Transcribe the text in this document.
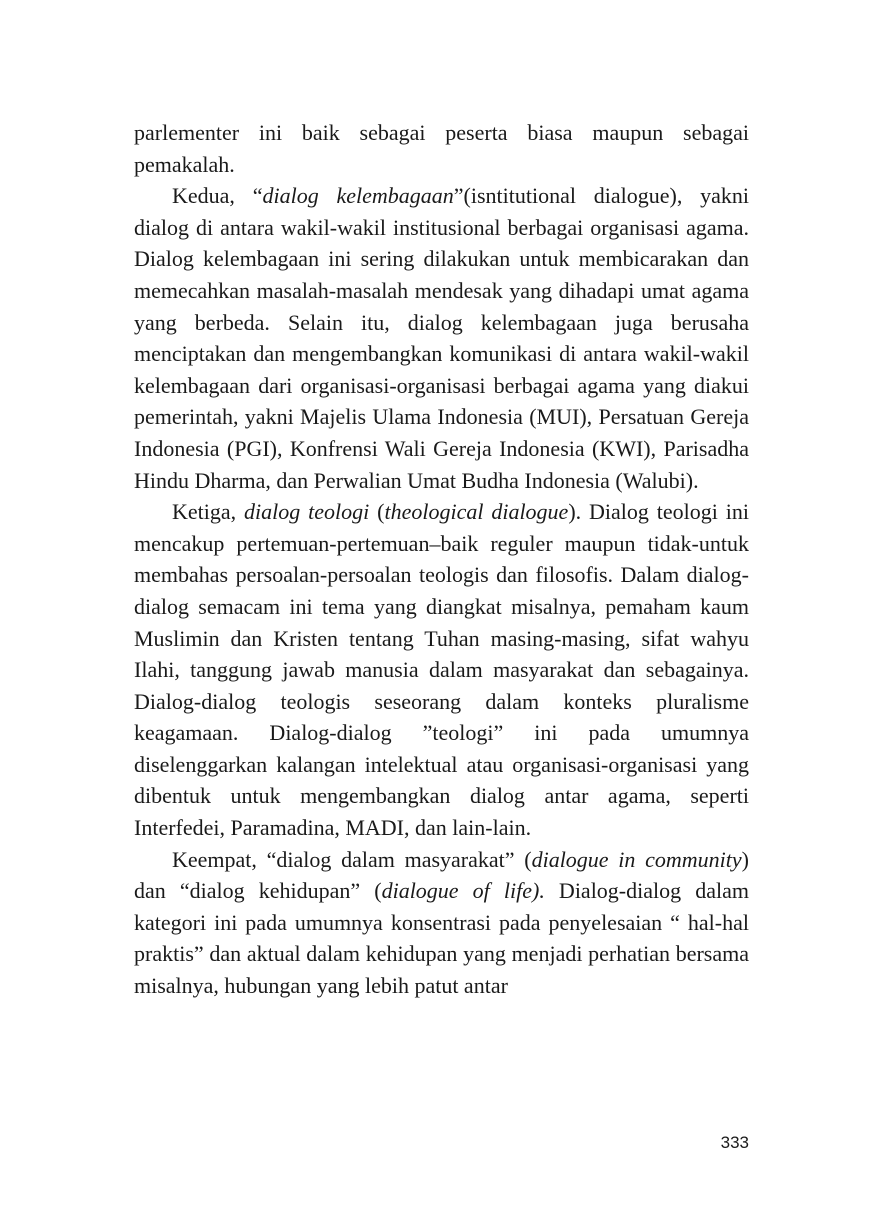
parlementer ini baik sebagai peserta biasa maupun sebagai pemakalah.

Kedua, “dialog kelembagaan”(isntitutional dialogue), yakni dialog di antara wakil-wakil institusional berbagai organisasi agama. Dialog kelembagaan ini sering dilakukan untuk membicarakan dan memecahkan masalah-masalah mendesak yang dihadapi umat agama yang berbeda. Selain itu, dialog kelembagaan juga berusaha menciptakan dan mengembangkan komunikasi di antara wakil-wakil kelembagaan dari organisasi-organisasi berbagai agama yang diakui pemerintah, yakni Majelis Ulama Indonesia (MUI), Persatuan Gereja Indonesia (PGI), Konfrensi Wali Gereja Indonesia (KWI), Parisadha Hindu Dharma, dan Perwalian Umat Budha Indonesia (Walubi).

Ketiga, dialog teologi (theological dialogue). Dialog teologi ini mencakup pertemuan-pertemuan–baik reguler maupun tidak-untuk membahas persoalan-persoalan teologis dan filosofis. Dalam dialog-dialog semacam ini tema yang diangkat misalnya, pemaham kaum Muslimin dan Kristen tentang Tuhan masing-masing, sifat wahyu Ilahi, tanggung jawab manusia dalam masyarakat dan sebagainya. Dialog-dialog teologis seseorang dalam konteks pluralisme keagamaan. Dialog-dialog ”teologi” ini pada umumnya diselenggarkan kalangan intelektual atau organisasi-organisasi yang dibentuk untuk mengembangkan dialog antar agama, seperti Interfedei, Paramadina, MADI, dan lain-lain.

Keempat, “dialog dalam masyarakat” (dialogue in community) dan “dialog kehidupan” (dialogue of life). Dialog-dialog dalam kategori ini pada umumnya konsentrasi pada penyelesaian “ hal-hal praktis” dan aktual dalam kehidupan yang menjadi perhatian bersama misalnya, hubungan yang lebih patut antar

333
